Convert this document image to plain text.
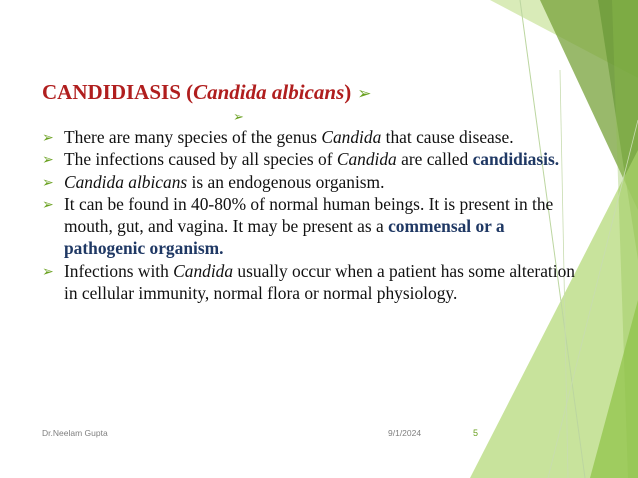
CANDIDIASIS (Candida albicans) ➢
➢
➢ There are many species of the genus Candida that cause disease.
➢ The infections caused by all species of Candida are called candidiasis.
➢ Candida albicans is an endogenous organism.
➢ It can be found in 40-80% of normal human beings. It is present in the mouth, gut, and vagina. It may be present as a commensal or a pathogenic organism.
➢ Infections with Candida usually occur when a patient has some alteration in cellular immunity, normal flora or normal physiology.
Dr.Neelam Gupta	9/1/2024	5
